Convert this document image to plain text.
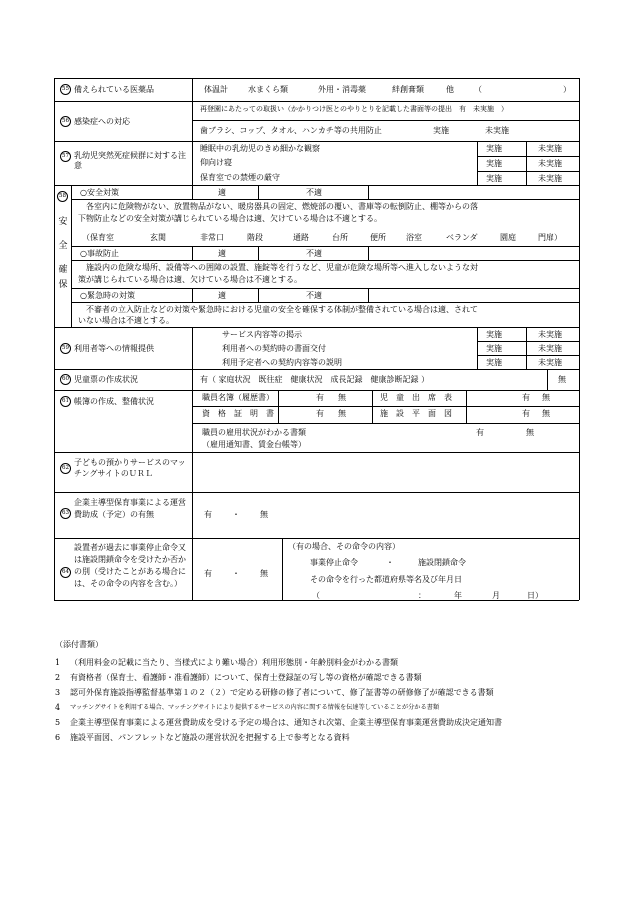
55 備えられている医薬品	体温計	水まくら類	外用・消毒薬	絆創膏類	他	（	）
56 感染症への対応
再登園にあたっての取扱い（かかりつけ医とのやりとりを記載した書面等の提出　有　未実施　）
歯ブラシ、コップ、タオル、ハンカチ等の共用防止	実施	未実施
57 乳幼児突然死症候群に対する注意
睡眠中の乳幼児のきめ細かな観察	実施	未実施
仰向け寝	実施	未実施
保育室での禁煙の厳守	実施	未実施
58
安
全
確
保
○安全対策	適	不適
各室内に危険物がない、放置物品がない、暖房器具の固定、燃焼部の覆い、書庫等の転倒防止、棚等からの落
下物防止などの安全対策が講じられている場合は適、欠けている場合は不適とする。
（保育室	玄関	非常口	階段	通路	台所	便所	浴室	ベランダ	園庭	門扉）
○事故防止	適	不適
施設内の危険な場所、設備等への囲障の設置、施錠等を行うなど、児童が危険な場所等へ進入しないような対
策が講じられている場合は適、欠けている場合は不適とする。
○緊急時の対策	適	不適
不審者の立入防止などの対策や緊急時における児童の安全を確保する体制が整備されている場合は適、されて
いない場合は不適とする。
59 利用者等への情報提供
サービス内容等の掲示	実施	未実施
利用者への契約時の書面交付	実施	未実施
利用予定者への契約内容等の説明	実施	未実施
60 児童票の作成状況	有（ 家庭状況　既往症　健康状況　成長記録　健康診断記録 ）	無
61 帳簿の作成、整備状況	職員名簿（履歴書）	有 無	児　童　出　席　表	有 無
資　格　証　明　書	有 無	施　設　平　面　図	有 無
職員の雇用状況がわかる書類
（雇用通知書、賃金台帳等）
有	無
62
子どもの預かりサービスのマッチングサイトのＵＲＬ
63
企業主導型保育事業による運営費助成（予定）の有無	有	・	無
64
設置者が過去に事業停止命令又は施設閉鎖命令を受けたか否かの別（受けたことがある場合には、その命令の内容を含む。）
有	・	無
（有の場合、その命令の内容）
事業停止命令	・	施設閉鎖命令
その命令を行った都道府県等名及び年月日
（	：	年	月	日）
（添付書類）
1 （利用料金の記載に当たり、当様式により難い場合）利用形態別・年齢別料金がわかる書類
2 有資格者（保育士、看護師・准看護師）について、保育士登録証の写し等の資格が確認できる書類
3 認可外保育施設指導監督基準第１の２（２）で定める研修の修了者について、修了証書等の研修修了が確認できる書類
4 マッチングサイトを利用する場合、マッチングサイトにより提供するサービスの内容に関する情報を伝達等していることが分かる書類
5 企業主導型保育事業による運営費助成を受ける予定の場合は、通知され次第、企業主導型保育事業運営費助成決定通知書
6 施設平面図、パンフレットなど施設の運営状況を把握する上で参考となる資料
